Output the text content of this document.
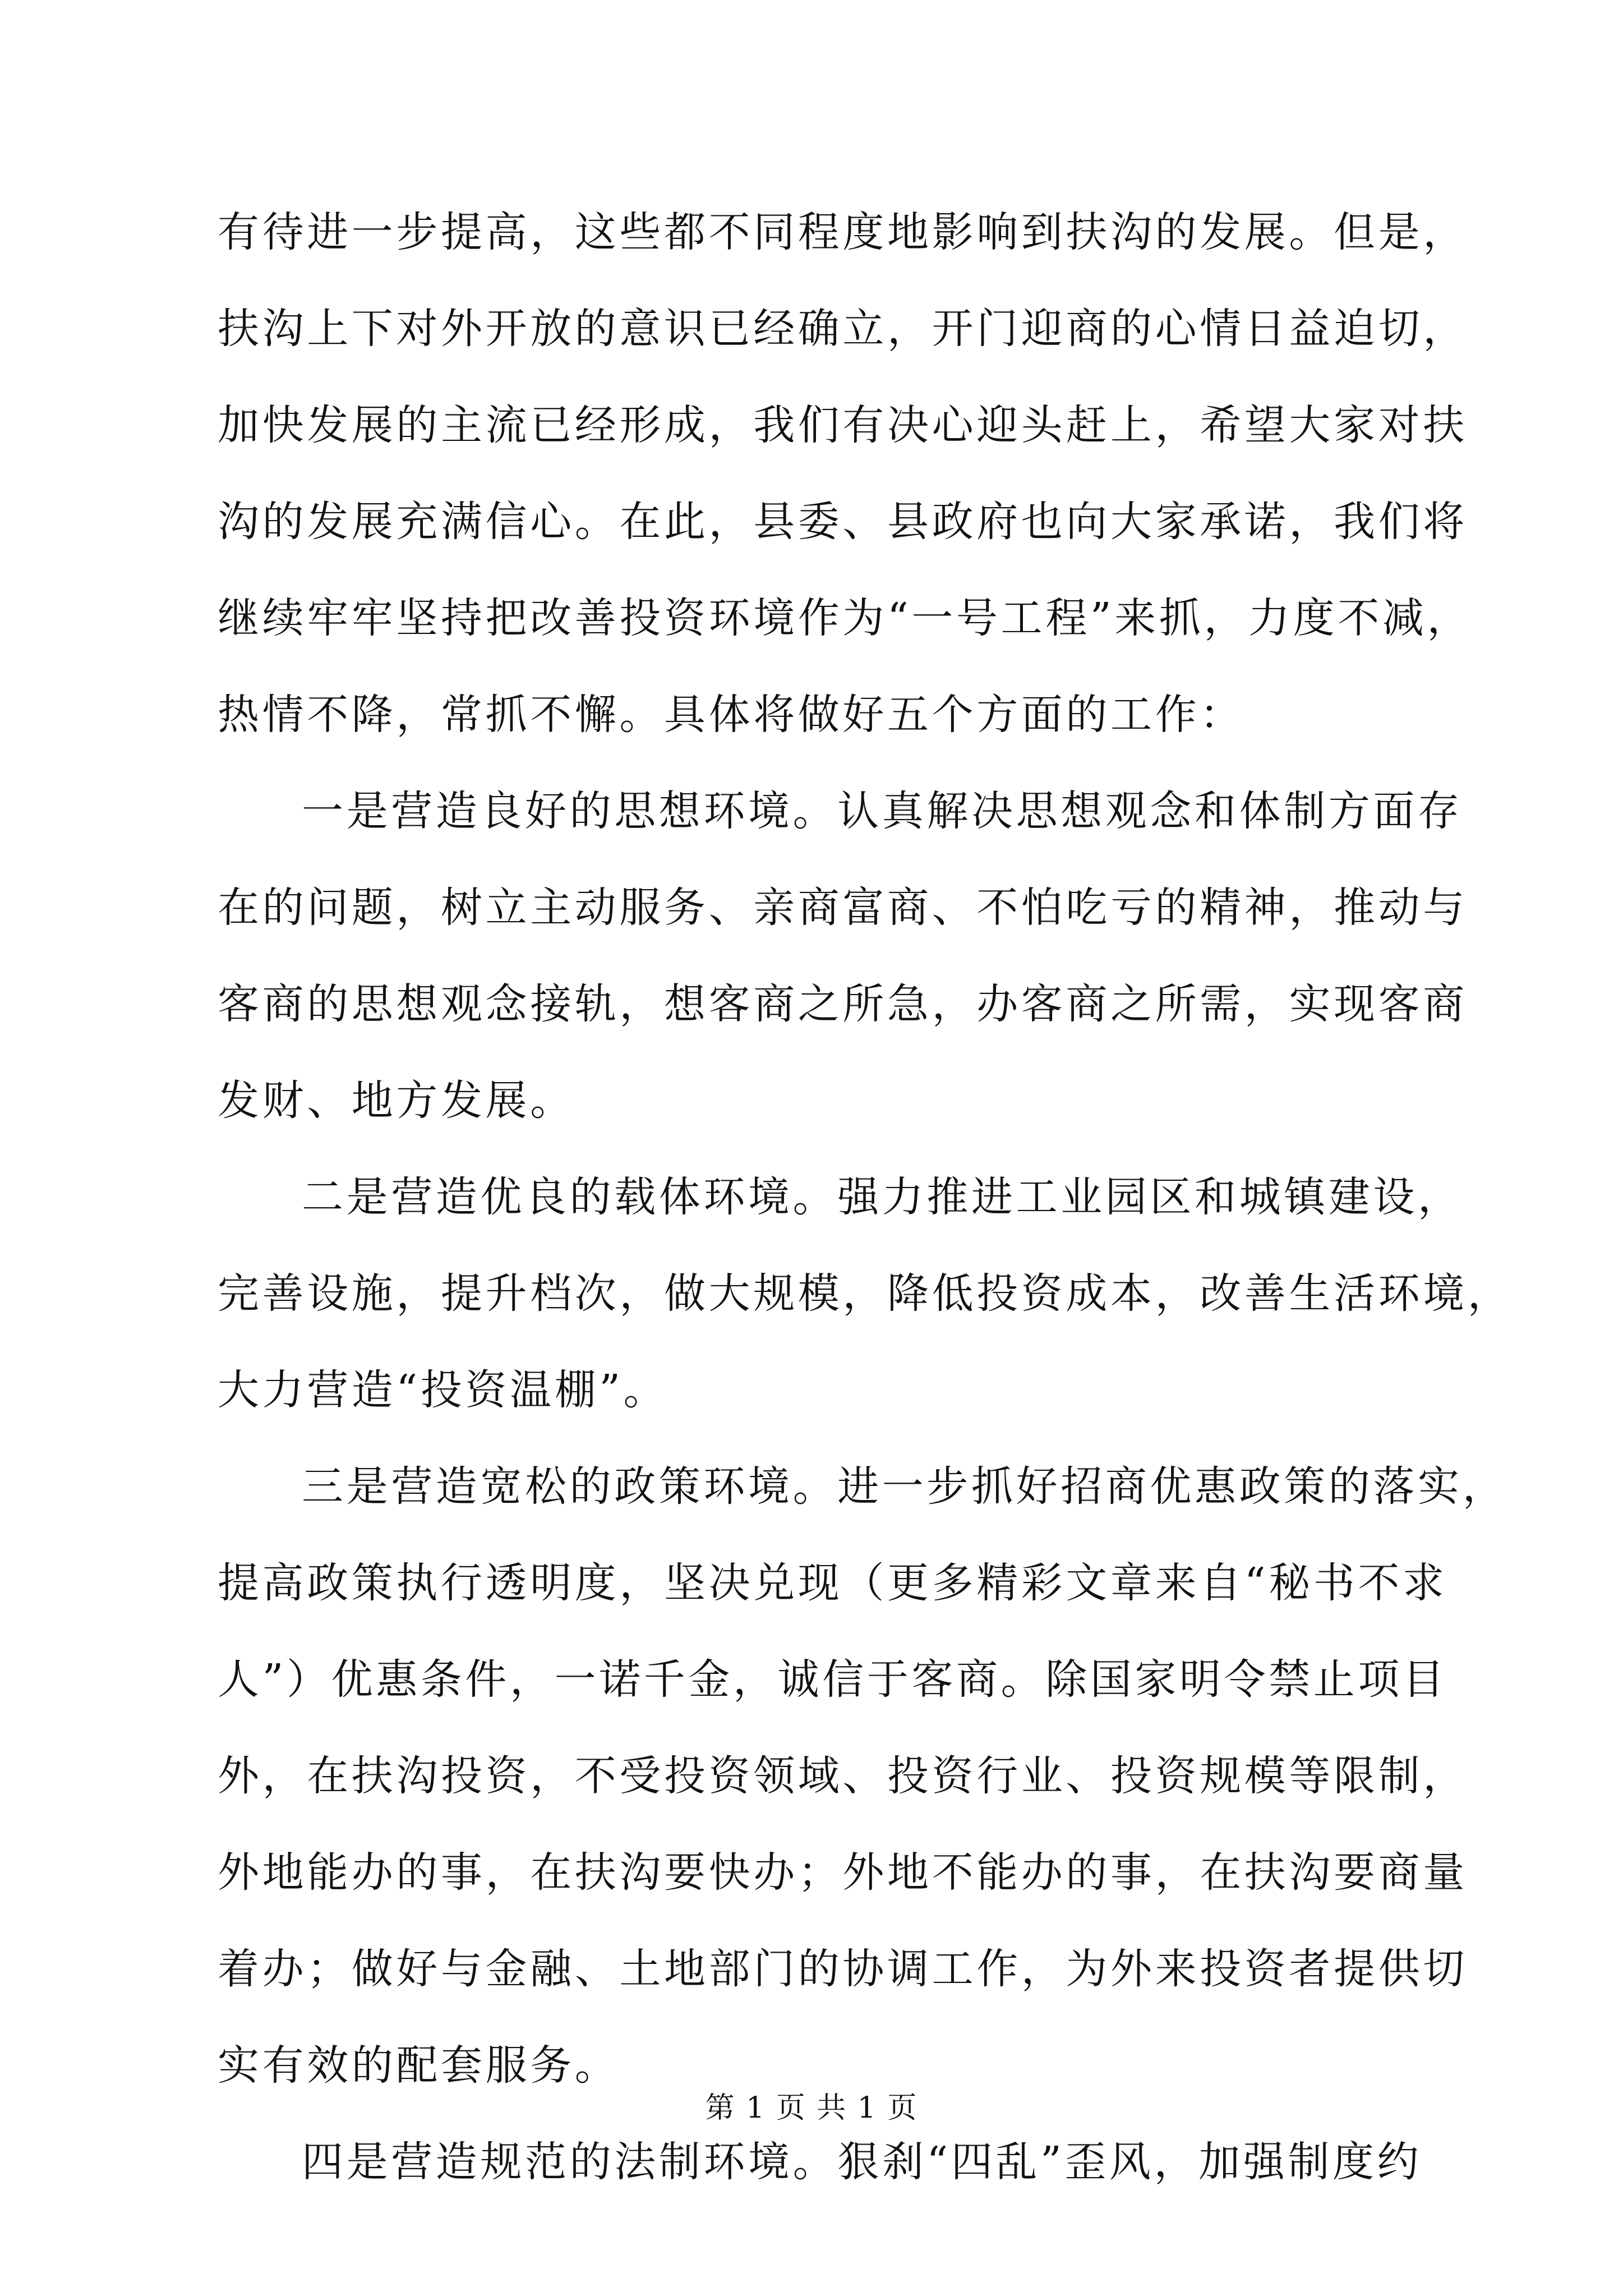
有待进一步提高，这些都不同程度地影响到扶沟的发展。但是，
扶沟上下对外开放的意识已经确立，开门迎商的心情日益迫切，
加快发展的主流已经形成，我们有决心迎头赶上，希望大家对扶
沟的发展充满信心。在此，县委、县政府也向大家承诺，我们将
继续牢牢坚持把改善投资环境作为“一号工程”来抓，力度不减，
热情不降，常抓不懈。具体将做好五个方面的工作：
一是营造良好的思想环境。认真解决思想观念和体制方面存
在的问题，树立主动服务、亲商富商、不怕吃亏的精神，推动与
客商的思想观念接轨，想客商之所急，办客商之所需，实现客商
发财、地方发展。
二是营造优良的载体环境。强力推进工业园区和城镇建设，
完善设施，提升档次，做大规模，降低投资成本，改善生活环境，
大力营造“投资温棚”。
三是营造宽松的政策环境。进一步抓好招商优惠政策的落实，
提高政策执行透明度，坚决兑现（更多精彩文章来自“秘书不求
人”）优惠条件，一诺千金，诚信于客商。除国家明令禁止项目
外，在扶沟投资，不受投资领域、投资行业、投资规模等限制，
外地能办的事，在扶沟要快办；外地不能办的事，在扶沟要商量
着办；做好与金融、土地部门的协调工作，为外来投资者提供切
实有效的配套服务。
四是营造规范的法制环境。狠刹“四乱”歪风，加强制度约
第 1 页 共 1 页
